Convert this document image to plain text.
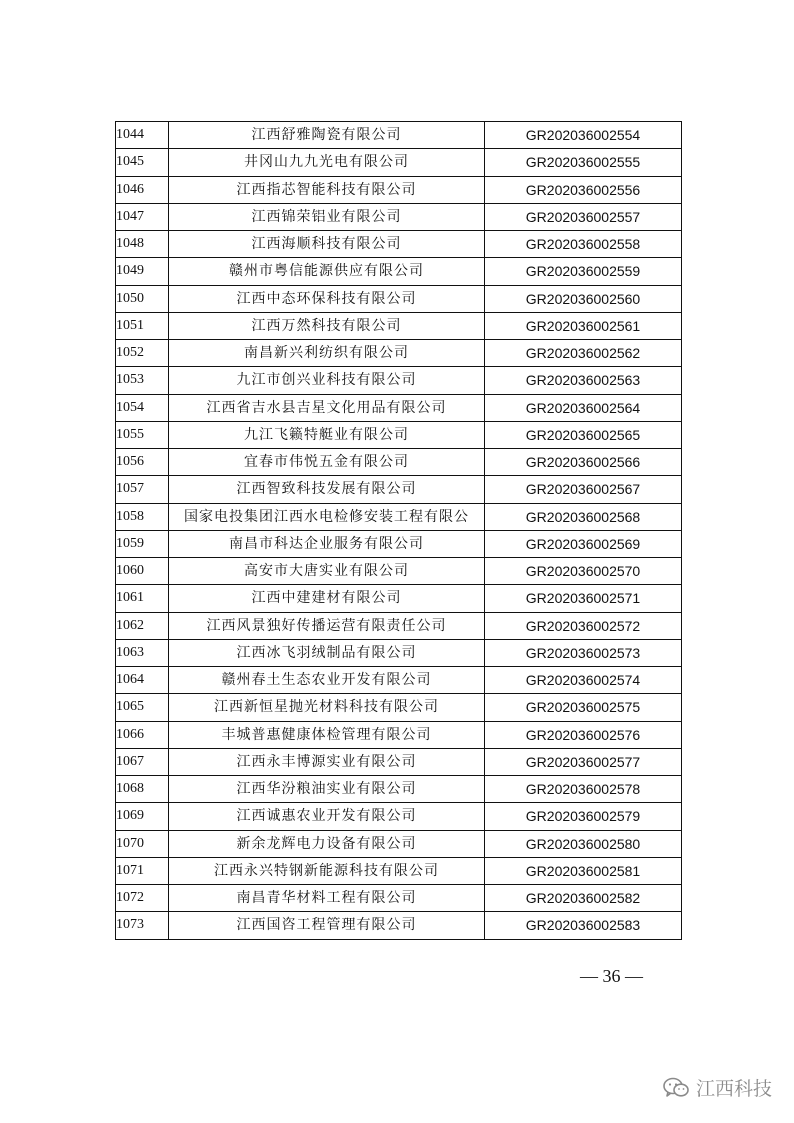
1044	江西舒雅陶瓷有限公司	GR202036002554
1045	井冈山九九光电有限公司	GR202036002555
1046	江西指芯智能科技有限公司	GR202036002556
1047	江西锦荣铝业有限公司	GR202036002557
1048	江西海顺科技有限公司	GR202036002558
1049	赣州市粤信能源供应有限公司	GR202036002559
1050	江西中态环保科技有限公司	GR202036002560
1051	江西万然科技有限公司	GR202036002561
1052	南昌新兴利纺织有限公司	GR202036002562
1053	九江市创兴业科技有限公司	GR202036002563
1054	江西省吉水县吉星文化用品有限公司	GR202036002564
1055	九江飞籁特艇业有限公司	GR202036002565
1056	宜春市伟悦五金有限公司	GR202036002566
1057	江西智致科技发展有限公司	GR202036002567
1058	国家电投集团江西水电检修安装工程有限公	GR202036002568
1059	南昌市科达企业服务有限公司	GR202036002569
1060	高安市大唐实业有限公司	GR202036002570
1061	江西中建建材有限公司	GR202036002571
1062	江西风景独好传播运营有限责任公司	GR202036002572
1063	江西冰飞羽绒制品有限公司	GR202036002573
1064	赣州春土生态农业开发有限公司	GR202036002574
1065	江西新恒星抛光材料科技有限公司	GR202036002575
1066	丰城普惠健康体检管理有限公司	GR202036002576
1067	江西永丰博源实业有限公司	GR202036002577
1068	江西华汾粮油实业有限公司	GR202036002578
1069	江西诚惠农业开发有限公司	GR202036002579
1070	新余龙辉电力设备有限公司	GR202036002580
1071	江西永兴特钢新能源科技有限公司	GR202036002581
1072	南昌青华材料工程有限公司	GR202036002582
1073	江西国咨工程管理有限公司	GR202036002583
— 36 —
江西科技
